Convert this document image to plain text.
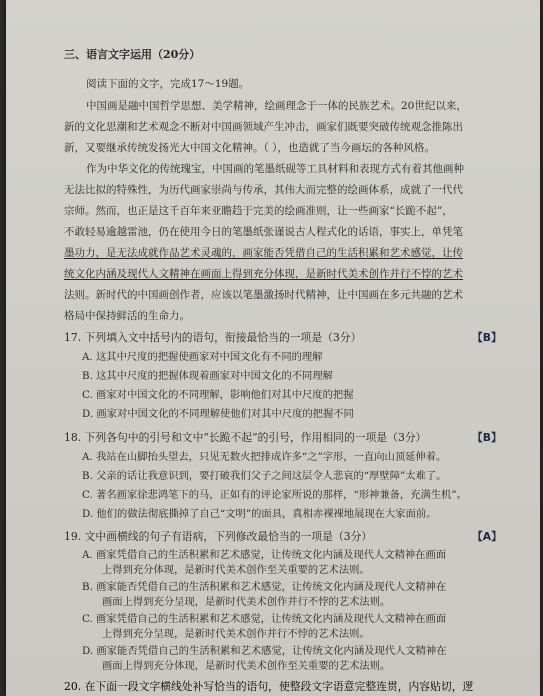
三、语言文字运用（20分）
阅读下面的文字，完成17～19题。
中国画是融中国哲学思想、美学精神，绘画理念于一体的民族艺术。20世纪以来，
新的文化思潮和艺术观念不断对中国画领域产生冲击，画家们既要突破传统观念推陈出
新，又要继承传统发扬光大中国文化精神。（ ），也造就了当今画坛的各种风格。
作为中华文化的传统瑰宝，中国画的笔墨纸砚等工具材料和表现方式有着其他画种
无法比拟的特殊性，为历代画家崇尚与传承，其伟大而完整的绘画体系，成就了一代代
宗师。然而，也正是这千百年来亚瞻趋于完美的绘画准则，让一些画家“长跪不起”，
不敢轻易逾越雷池，仍在使用今日的笔墨纸张谨说古人程式化的话语，事实上，单凭笔
墨功力，是无法成就作品艺术灵魂的，画家能否凭借自己的生活积累和艺术感觉，让传
统文化内涵及现代人文精神在画面上得到充分体现，是新时代美术创作并行不悖的艺术
法则。新时代的中国画创作者，应该以笔墨激扬时代精神，让中国画在多元共融的艺术
格局中保持鲜活的生命力。
17. 下列填入文中括号内的语句，衔接最恰当的一项是（3分）	【B】
A. 这其中尺度的把握使画家对中国文化有不同的理解
B. 这其中尺度的把握体现着画家对中国文化的不同理解
C. 画家对中国文化的不同理解，影响他们对其中尺度的把握
D. 画家对中国文化的不同理解使他们对其中尺度的把握不同
18. 下列各句中的引号和文中“长跪不起”的引号，作用相同的一项是（3分）	【B】
A. 我站在山脚抬头望去，只见无数火把排成许多“之”字形，一直向山顶延伸着。
B. 父亲的话让我意识到，要打破我们父子之间这层令人悲哀的“厚壁障”太难了。
C. 著名画家徐悲鸿笔下的马，正如有的评论家所说的那样，“形神兼备，充满生机”。
D. 他们的做法彻底撕掉了自己“文明”的面具，真相赤裸裸地展现在大家面前。
19. 文中画横线的句子有语病，下列修改最恰当的一项是（3分）	【A】
A. 画家凭借自己的生活积累和艺术感觉，让传统文化内涵及现代人文精神在画面
上得到充分体现，是新时代美术创作至关重要的艺术法则。
B. 画家能否凭借自己的生活积累和艺术感觉，让传统文化内涵及现代人文精神在
画面上得到充分呈现，是新时代美术创作并行不悖的艺术法则。
C. 画家凭借自己的生活积累和艺术感觉，让传统文化内涵及现代人文精神在画面
上得到充分呈现，是新时代美术创作并行不悖的艺术法则。
D. 画家能否凭借自己的生活积累和艺术感觉，让传统文化内涵及现代人文精神在
画面上得到充分体现，是新时代美术创作至关重要的艺术法则。
20. 在下面一段文字横线处补写恰当的语句，使整段文字语意完整连贯，内容贴切，逻
